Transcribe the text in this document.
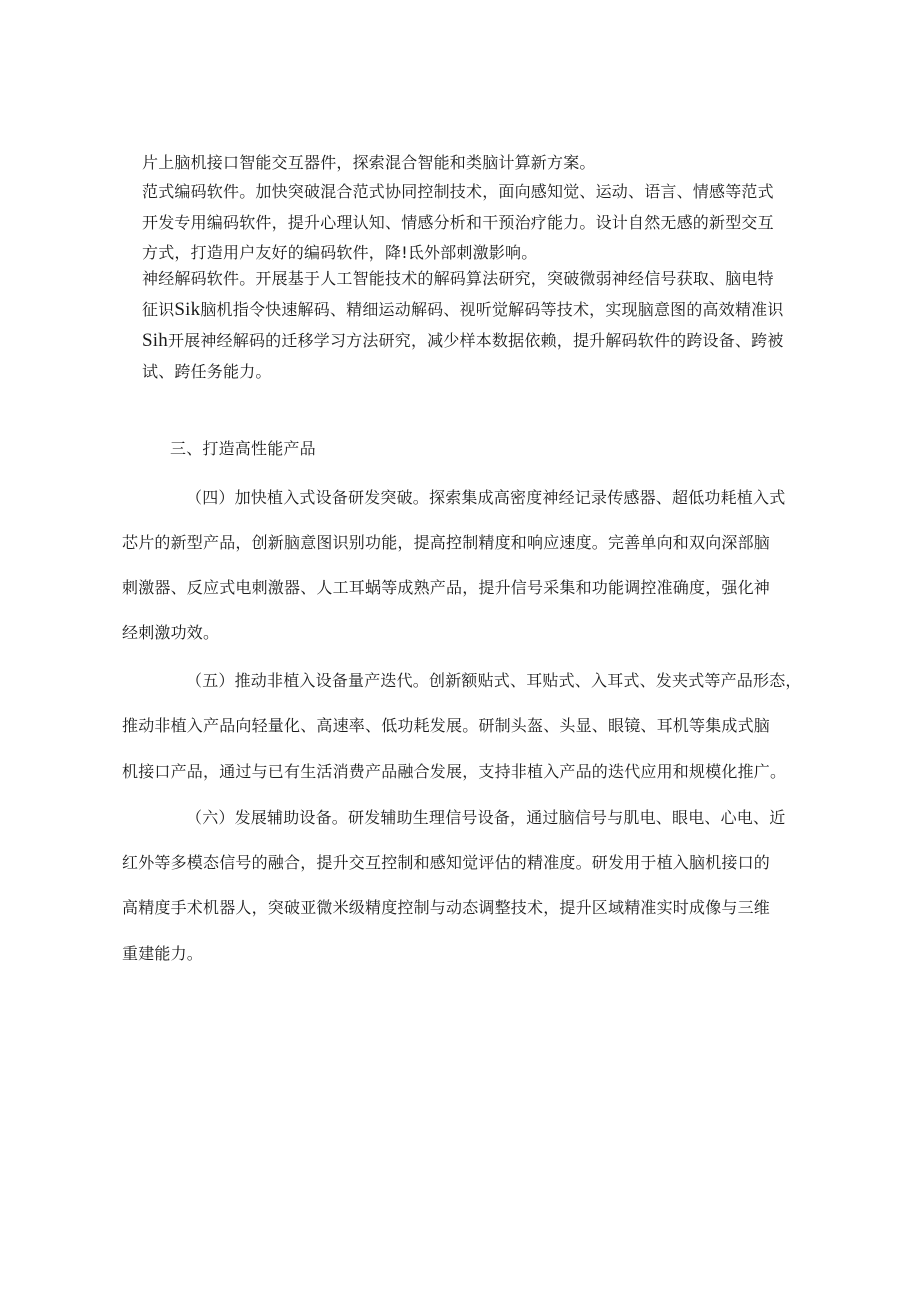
片上脑机接口智能交互器件，探索混合智能和类脑计算新方案。
范式编码软件。加快突破混合范式协同控制技术，面向感知觉、运动、语言、情感等范式
开发专用编码软件，提升心理认知、情感分析和干预治疗能力。设计自然无感的新型交互
方式，打造用户友好的编码软件，降!氐外部刺激影响。
神经解码软件。开展基于人工智能技术的解码算法研究，突破微弱神经信号获取、脑电特
征识Sik脑机指令快速解码、精细运动解码、视听觉解码等技术，实现脑意图的高效精准识
Sih开展神经解码的迁移学习方法研究，减少样本数据依赖，提升解码软件的跨设备、跨被
试、跨任务能力。
三、打造高性能产品
（四）加快植入式设备研发突破。探索集成高密度神经记录传感器、超低功耗植入式
芯片的新型产品，创新脑意图识别功能，提高控制精度和响应速度。完善单向和双向深部脑
刺激器、反应式电刺激器、人工耳蜗等成熟产品，提升信号采集和功能调控准确度，强化神
经刺激功效。
（五）推动非植入设备量产迭代。创新额贴式、耳贴式、入耳式、发夹式等产品形态，
推动非植入产品向轻量化、高速率、低功耗发展。研制头盔、头显、眼镜、耳机等集成式脑
机接口产品，通过与已有生活消费产品融合发展，支持非植入产品的迭代应用和规模化推广。
（六）发展辅助设备。研发辅助生理信号设备，通过脑信号与肌电、眼电、心电、近
红外等多模态信号的融合，提升交互控制和感知觉评估的精准度。研发用于植入脑机接口的
高精度手术机器人，突破亚微米级精度控制与动态调整技术，提升区域精准实时成像与三维
重建能力。
